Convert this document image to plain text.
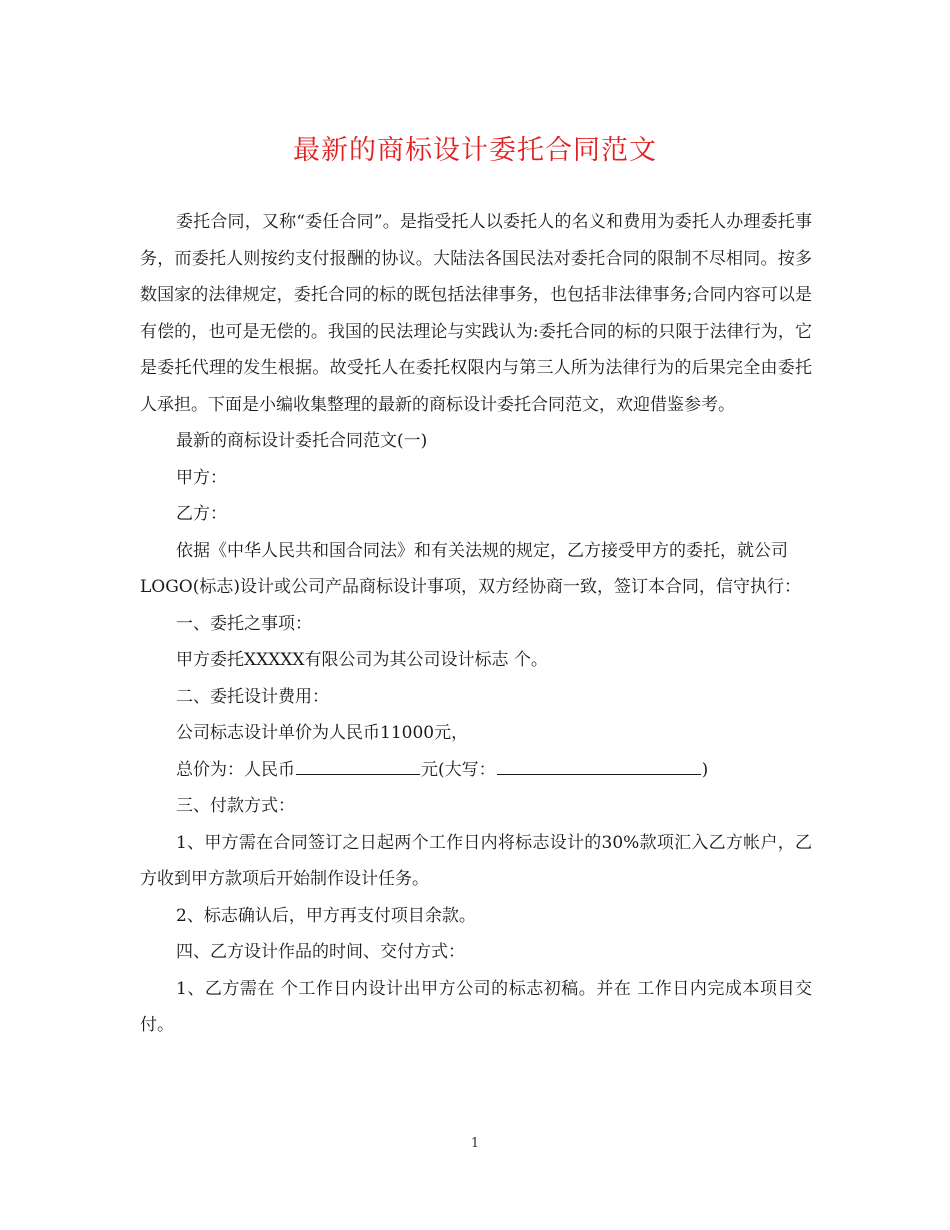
最新的商标设计委托合同范文

委托合同，又称“委任合同”。是指受托人以委托人的名义和费用为委托人办理委托事务，而委托人则按约支付报酬的协议。大陆法各国民法对委托合同的限制不尽相同。按多数国家的法律规定，委托合同的标的既包括法律事务，也包括非法律事务;合同内容可以是有偿的，也可是无偿的。我国的民法理论与实践认为:委托合同的标的只限于法律行为，它是委托代理的发生根据。故受托人在委托权限内与第三人所为法律行为的后果完全由委托人承担。下面是小编收集整理的最新的商标设计委托合同范文，欢迎借鉴参考。

最新的商标设计委托合同范文(一)

甲方：

乙方：

依据《中华人民共和国合同法》和有关法规的规定，乙方接受甲方的委托，就公司LOGO(标志)设计或公司产品商标设计事项，双方经协商一致，签订本合同，信守执行：

一、委托之事项：

甲方委托XXXXX有限公司为其公司设计标志 个。

二、委托设计费用：

公司标志设计单价为人民币11000元，

总价为：人民币	元(大写：	)

三、付款方式：

1、甲方需在合同签订之日起两个工作日内将标志设计的30%款项汇入乙方帐户，乙方收到甲方款项后开始制作设计任务。

2、标志确认后，甲方再支付项目余款。

四、乙方设计作品的时间、交付方式：

1、乙方需在 个工作日内设计出甲方公司的标志初稿。并在 工作日内完成本项目交付。

1
